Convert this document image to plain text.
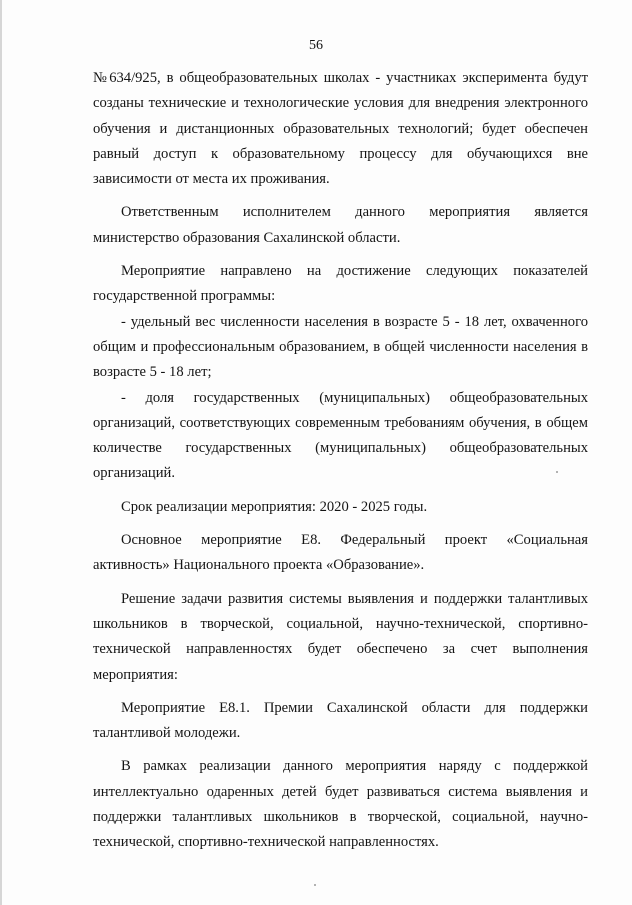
56

№634/925, в общеобразовательных школах - участниках эксперимента будут созданы технические и технологические условия для внедрения электронного обучения и дистанционных образовательных технологий; будет обеспечен равный доступ к образовательному процессу для обучающихся вне зависимости от места их проживания.

Ответственным исполнителем данного мероприятия является министерство образования Сахалинской области.

Мероприятие направлено на достижение следующих показателей государственной программы:

- удельный вес численности населения в возрасте 5 - 18 лет, охваченного общим и профессиональным образованием, в общей численности населения в возрасте 5 - 18 лет;

- доля государственных (муниципальных) общеобразовательных организаций, соответствующих современным требованиям обучения, в общем количестве государственных (муниципальных) общеобразовательных организаций.

Срок реализации мероприятия: 2020 - 2025 годы.

Основное мероприятие Е8. Федеральный проект «Социальная активность» Национального проекта «Образование».

Решение задачи развития системы выявления и поддержки талантливых школьников в творческой, социальной, научно-технической, спортивно-технической направленностях будет обеспечено за счет выполнения мероприятия:

Мероприятие Е8.1. Премии Сахалинской области для поддержки талантливой молодежи.

В рамках реализации данного мероприятия наряду с поддержкой интеллектуально одаренных детей будет развиваться система выявления и поддержки талантливых школьников в творческой, социальной, научно-технической, спортивно-технической направленностях.
